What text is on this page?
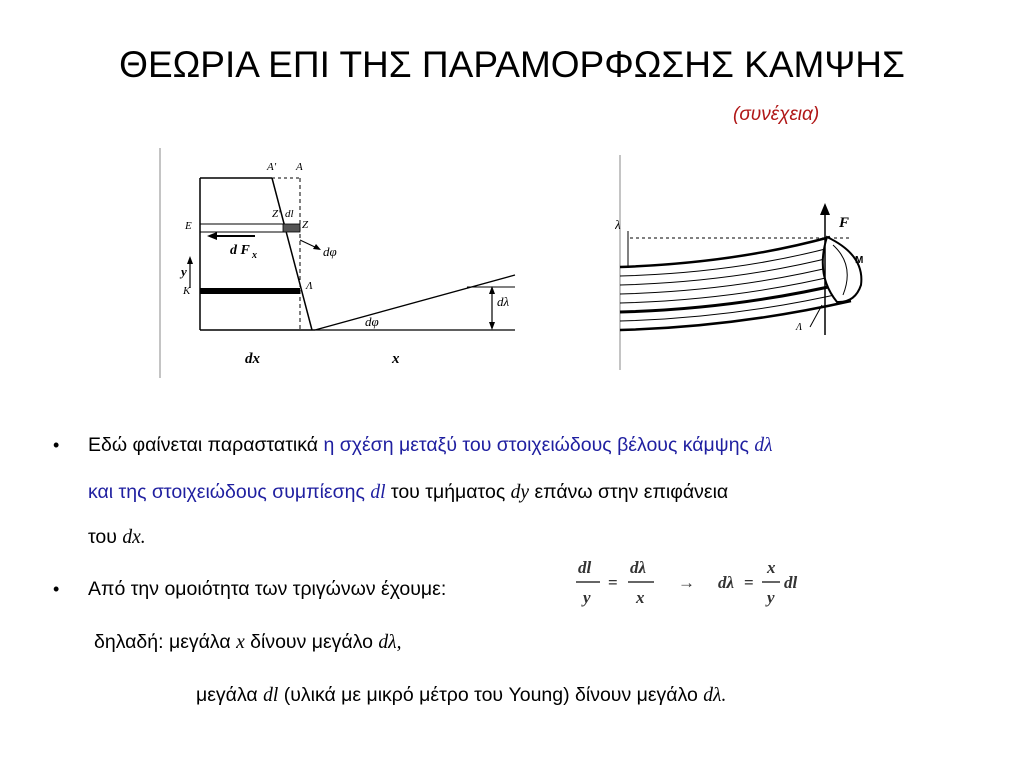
ΘΕΩΡΙΑ ΕΠΙ ΤΗΣ ΠΑΡΑΜΟΡΦΩΣΗΣ ΚΑΜΨΗΣ
(συνέχεια)
Α' Α
Ζ' dl
Ζ
Ε
d F x	dφ
y
Κ	Λ
dλ
dφ
dx	x
λ	F
M
Λ
• Εδώ φαίνεται παραστατικά η σχέση μεταξύ του στοιχειώδους βέλους κάμψης dλ
και της στοιχειώδους συμπίεσης dl του τμήματος dy επάνω στην επιφάνεια
του dx.
• Από την ομοιότητα των τριγώνων έχουμε:
dl
y
=
dλ
x
→ dλ =
x
y
dl
δηλαδή: μεγάλα x δίνουν μεγάλο dλ,
μεγάλα dl (υλικά με μικρό μέτρο του Young) δίνουν μεγάλο dλ.
